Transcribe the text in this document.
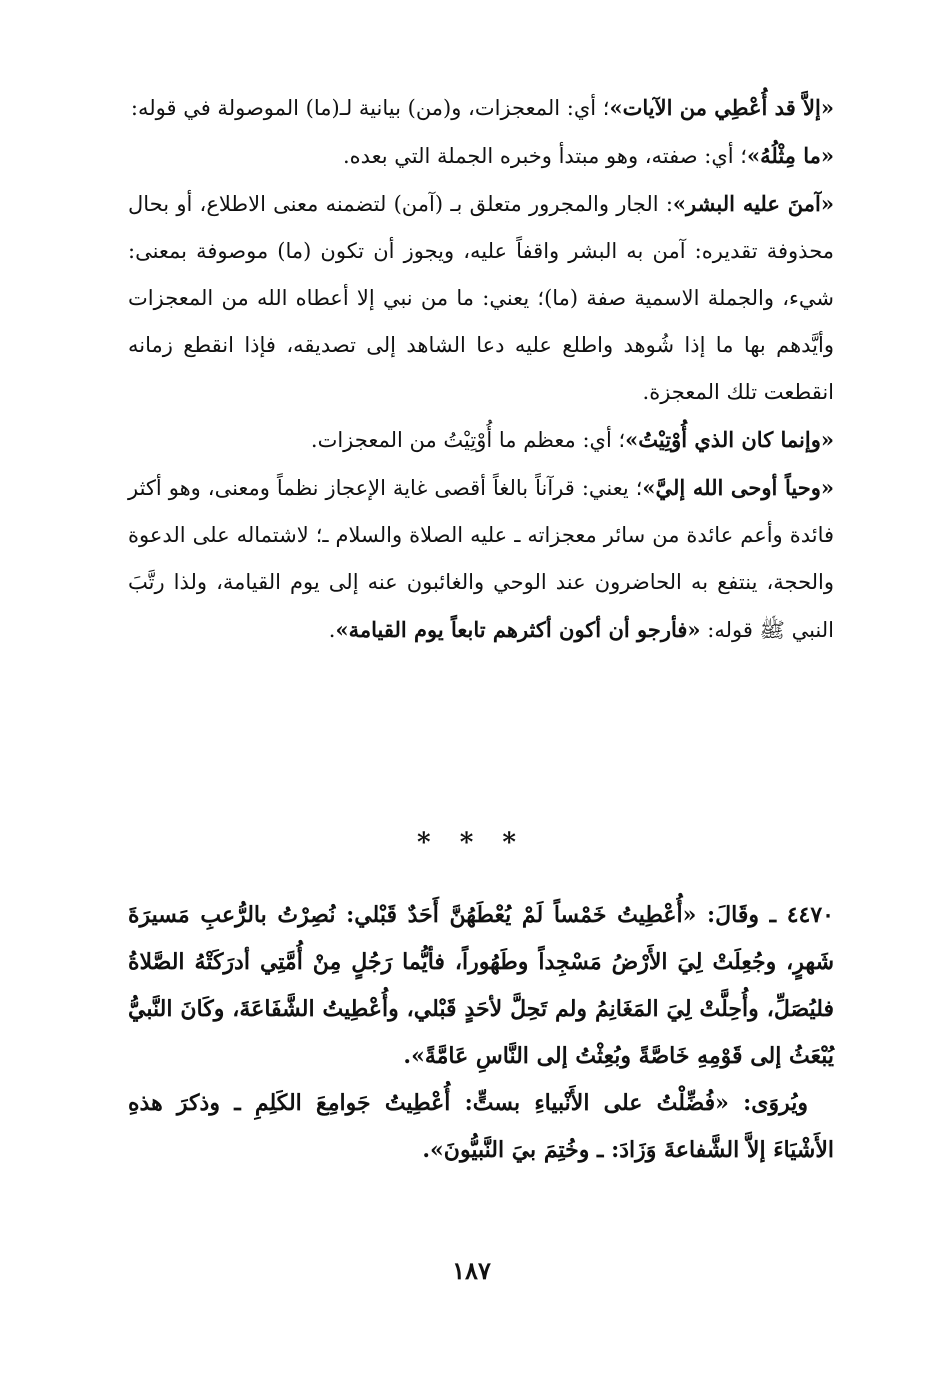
«إلاَّ قد أُعْطِي من الآيات»؛ أي: المعجزات، و(من) بيانية لـ(ما) الموصولة في قوله:

«ما مِثْلُهُ»؛ أي: صفته، وهو مبتدأ وخبره الجملة التي بعده.

«آمنَ عليه البشر»: الجار والمجرور متعلق بـ (آمن) لتضمنه معنى الاطلاع، أو بحال محذوفة تقديره: آمن به البشر واقفاً عليه، ويجوز أن تكون (ما) موصوفة بمعنى: شيء، والجملة الاسمية صفة (ما)؛ يعني: ما من نبي إلا أعطاه الله من المعجزات وأيَّدهم بها ما إذا شُوهد واطلع عليه دعا الشاهد إلى تصديقه، فإذا انقطع زمانه انقطعت تلك المعجزة.

«وإنما كان الذي أُوْتِيْتُ»؛ أي: معظم ما أُوْتِيْتُ من المعجزات.

«وحياً أوحى الله إليَّ»؛ يعني: قرآناً بالغاً أقصى غاية الإعجاز نظماً ومعنى، وهو أكثر فائدة وأعم عائدة من سائر معجزاته ـ عليه الصلاة والسلام ـ؛ لاشتماله على الدعوة والحجة، ينتفع به الحاضرون عند الوحي والغائبون عنه إلى يوم القيامة، ولذا رتَّبَ النبي ﷺ قوله: «فأرجو أن أكون أكثرهم تابعاً يوم القيامة».

* * *

٤٤٧٠ ـ وقَالَ: «أُعْطِيتُ خَمْساً لَمْ يُعْطَهُنَّ أَحَدٌ قَبْلي: نُصِرْتُ بالرُّعبِ مَسيرَةَ شَهرٍ، وجُعِلَتْ لِيَ الأَرْضُ مَسْجِداً وطَهُوراً، فأيُّما رَجُلٍ مِنْ أُمَّتِي أدرَكَتْهُ الصَّلاةُ فليُصَلِّ، وأُحِلَّتْ لِيَ المَغَانِمُ ولم تَحِلَّ لأحَدٍ قَبْلي، وأُعْطِيتُ الشَّفَاعَةَ، وكَانَ النَّبيُّ يُبْعَثُ إلى قَوْمِهِ خَاصَّةً وبُعِثْتُ إلى النَّاسِ عَامَّةً».

ويُروَى: «فُضِّلْتُ على الأَنْبياءِ بستٍّ: أُعْطِيتُ جَوامِعَ الكَلِمِ ـ وذكرَ هذهِ الأَشْيَاءَ إلاَّ الشَّفاعةَ وَزَادَ: ـ وخُتِمَ بيَ النَّبيُّونَ».

١٨٧
